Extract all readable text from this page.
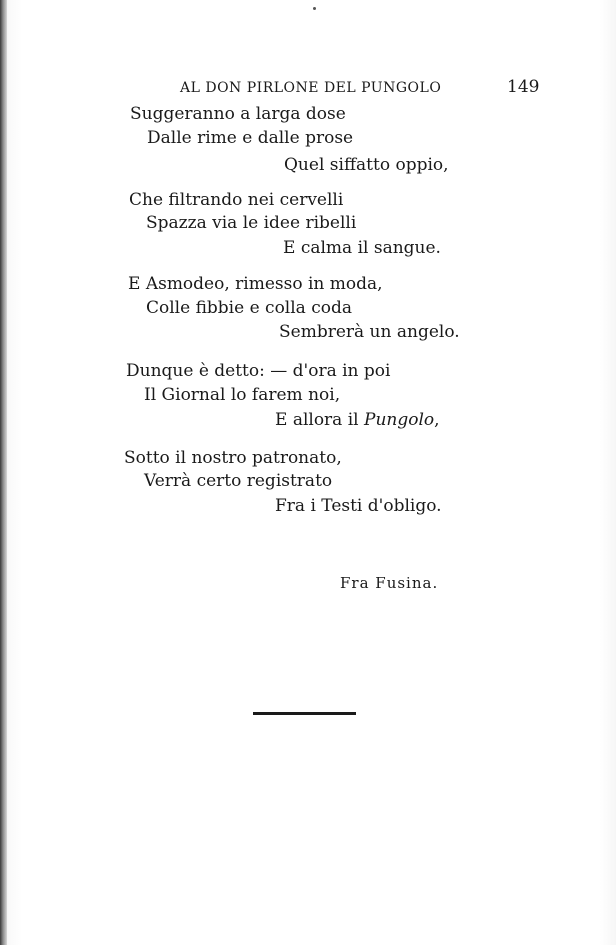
AL DON PIRLONE DEL PUNGOLO	149
Suggeranno a larga dose
Dalle rime e dalle prose
Quel siffatto oppio,
Che filtrando nei cervelli
Spazza via le idee ribelli
E calma il sangue.
E Asmodeo, rimesso in moda,
Colle fibbie e colla coda
Sembrerà un angelo.
Dunque è detto: — d'ora in poi
Il Giornal lo farem noi,
E allora il Pungolo,
Sotto il nostro patronato,
Verrà certo registrato
Fra i Testi d'obligo.
Fra Fusina.
